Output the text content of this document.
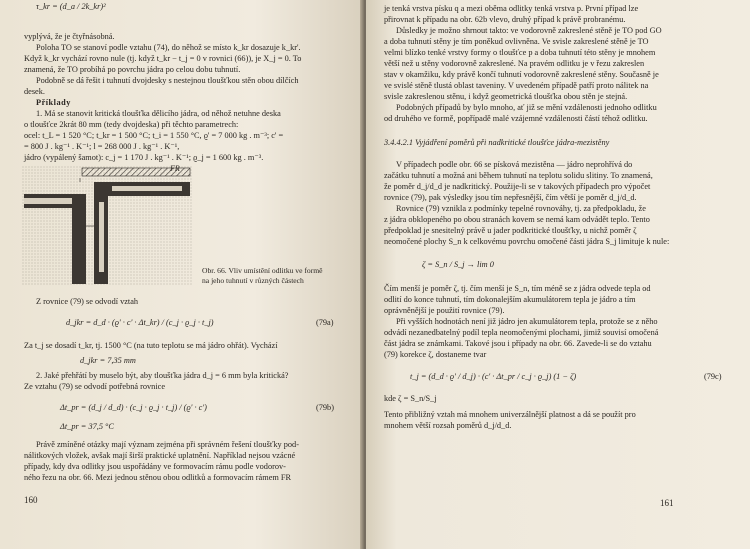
τ_kr = (d_a / 2k_kr)²
vyplývá, že je čtyřnásobná.
Poloha TO se stanoví podle vztahu (74), do něhož se místo k_kr dosazuje k_kr'.
Když k_kr vychází rovno nule (tj. když t_kr − t_j = 0 v rovnici (66)), je X_j = 0. To
znamená, že TO probíhá po povrchu jádra po celou dobu tuhnutí.
Podobně se dá řešit i tuhnutí dvojdesky s nestejnou tloušťkou stěn obou dílčích
desek.
Příklady
1. Má se stanovit kritická tloušťka dělicího jádra, od něhož netuhne deska
o tloušťce 2krát 80 mm (tedy dvojdeska) při těchto parametrech:
ocel: t_L = 1 520 °C; t_kr = 1 500 °C; t_i = 1 550 °C, ϱ' = 7 000 kg . m⁻³; c' =
= 800 J . kg⁻¹ . K⁻¹; l = 268 000 J . kg⁻¹ . K⁻¹,
jádro (vypálený šamot): c_j = 1 170 J . kg⁻¹ . K⁻¹; ϱ_j = 1 600 kg . m⁻³.
FR
Obr. 66. Vliv umístění odlitku ve formě
na jeho tuhnutí v různých částech
Z rovnice (79) se odvodí vztah
d_jkr = d_d · (ϱ' · c' · Δt_kr) / (c_j · ϱ_j · t_j)	(79a)
Za t_j se dosadí t_kr, tj. 1500 °C (na tuto teplotu se má jádro ohřát). Vychází
d_jkr = 7,35 mm
2. Jaké přehřátí by muselo být, aby tloušťka jádra d_j = 6 mm byla kritická?
Ze vztahu (79) se odvodí potřebná rovnice
Δt_pr = (d_j / d_d) · (c_j · ϱ_j · t_j) / (ϱ' · c')	(79b)
Δt_pr = 37,5 °C
Právě zmíněné otázky mají význam zejména při správném řešení tloušťky pod-
nálitkových vložek, avšak mají širší praktické uplatnění. Například nejsou vzácné
případy, kdy dva odlitky jsou uspořádány ve formovacím rámu podle vodorov-
ného řezu na obr. 66. Mezi jednou stěnou obou odlitků a formovacím rámem FR
160
je tenká vrstva písku q a mezi oběma odlitky tenká vrstva p. První případ lze
přirovnat k případu na obr. 62b vlevo, druhý případ k právě probranému.
Důsledky je možno shrnout takto: ve vodorovně zakreslené stěně je TO pod GO
a doba tuhnutí stěny je tím poněkud ovlivněna. Ve svisle zakreslené stěně je TO
velmi blízko tenké vrstvy formy o tloušťce p a doba tuhnutí této stěny je mnohem
větší než u stěny vodorovně zakreslené. Na pravém odlitku je v řezu zakreslen
stav v okamžiku, kdy právě končí tuhnutí vodorovně zakreslené stěny. Současně je
ve svislé stěně tlustá oblast taveniny. V uvedeném případě patří proto nálitek na
svisle zakreslenou stěnu, i když geometrická tloušťka obou stěn je stejná.
Podobných případů by bylo mnoho, ať již se mění vzdálenosti jednoho odlitku
od druhého ve formě, popřípadě malé vzájemné vzdálenosti částí téhož odlitku.
3.4.4.2.1 Vyjádření poměrů při nadkritické tloušťce jádra-mezistěny
V případech podle obr. 66 se písková mezistěna — jádro neprohřívá do
začátku tuhnutí a možná ani během tuhnutí na teplotu solidu slitiny. To znamená,
že poměr d_j/d_d je nadkritický. Použije-li se v takových případech pro výpočet
rovnice (79), pak výsledky jsou tím nepřesnější, čím větší je poměr d_j/d_d.
Rovnice (79) vznikla z podmínky tepelné rovnováhy, tj. za předpokladu, že
z jádra obklopeného po obou stranách kovem se nemá kam odvádět teplo. Tento
předpoklad je snesitelný právě u jader podkritické tloušťky, u nichž poměr ζ
neomočené plochy S_n k celkovému povrchu omočené části jádra S_j limituje k nule:
ζ = S_n / S_j → lim 0
Čím menší je poměr ζ, tj. čím menší je S_n, tím méně se z jádra odvede tepla od
odlití do konce tuhnutí, tím dokonalejším akumulátorem tepla je jádro a tím
oprávněnější je použití rovnice (79).
Při vyšších hodnotách není již jádro jen akumulátorem tepla, protože se z něho
odvádí nezanedbatelný podíl tepla neomočenými plochami, jimiž souvisí omočená
část jádra se známkami. Takové jsou i případy na obr. 66. Zavede-li se do vztahu
(79) korekce ζ, dostaneme tvar
t_j = (d_d · ϱ' / d_j) · (c' · Δt_pr / c_j · ϱ_j) (1 − ζ)	(79c)
kde ζ = S_n/S_j
Tento přibližný vztah má mnohem univerzálnější platnost a dá se použít pro
mnohem větší rozsah poměrů d_j/d_d.
161
